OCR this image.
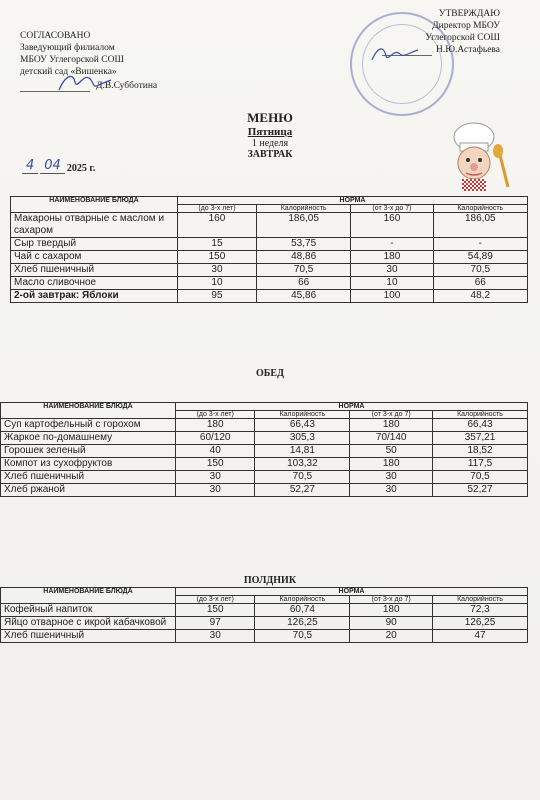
СОГЛАСОВАНО
Заведующий филиалом
МБОУ Углегорской СОШ
детский сад «Вишенка»
Д.В.Субботина
УТВЕРЖДАЮ
Директор МБОУ
Углегорской СОШ
Н.Ю.Астафьева
МЕНЮ
Пятница
1 неделя
ЗАВТРАК
4 04 2025 г.
НАИМЕНОВАНИЕ БЛЮДА	НОРМА			
	(до 3-х лет)	Калорийность	(от 3-х до 7)	Калорийность
Макароны отварные с маслом и сахаром	160	186,05	160	186,05
Сыр твердый	15	53,75	-	-
Чай с сахаром	150	48,86	180	54,89
Хлеб пшеничный	30	70,5	30	70,5
Масло сливочное	10	66	10	66
2-ой завтрак: Яблоки	95	45,86	100	48,2
ОБЕД
НАИМЕНОВАНИЕ БЛЮДА	НОРМА			
	(до 3-х лет)	Калорийность	(от 3-х до 7)	Калорийность
Суп картофельный с горохом	180	66,43	180	66,43
Жаркое по-домашнему	60/120	305,3	70/140	357,21
Горошек зеленый	40	14,81	50	18,52
Компот из сухофруктов	150	103,32	180	117,5
Хлеб пшеничный	30	70,5	30	70,5
Хлеб ржаной	30	52,27	30	52,27
ПОЛДНИК
НАИМЕНОВАНИЕ БЛЮДА	НОРМА			
	(до 3-х лет)	Калорийность	(от 3-х до 7)	Калорийность
Кофейный напиток	150	60,74	180	72,3
Яйцо отварное с икрой кабачковой	97	126,25	90	126,25
Хлеб пшеничный	30	70,5	20	47
